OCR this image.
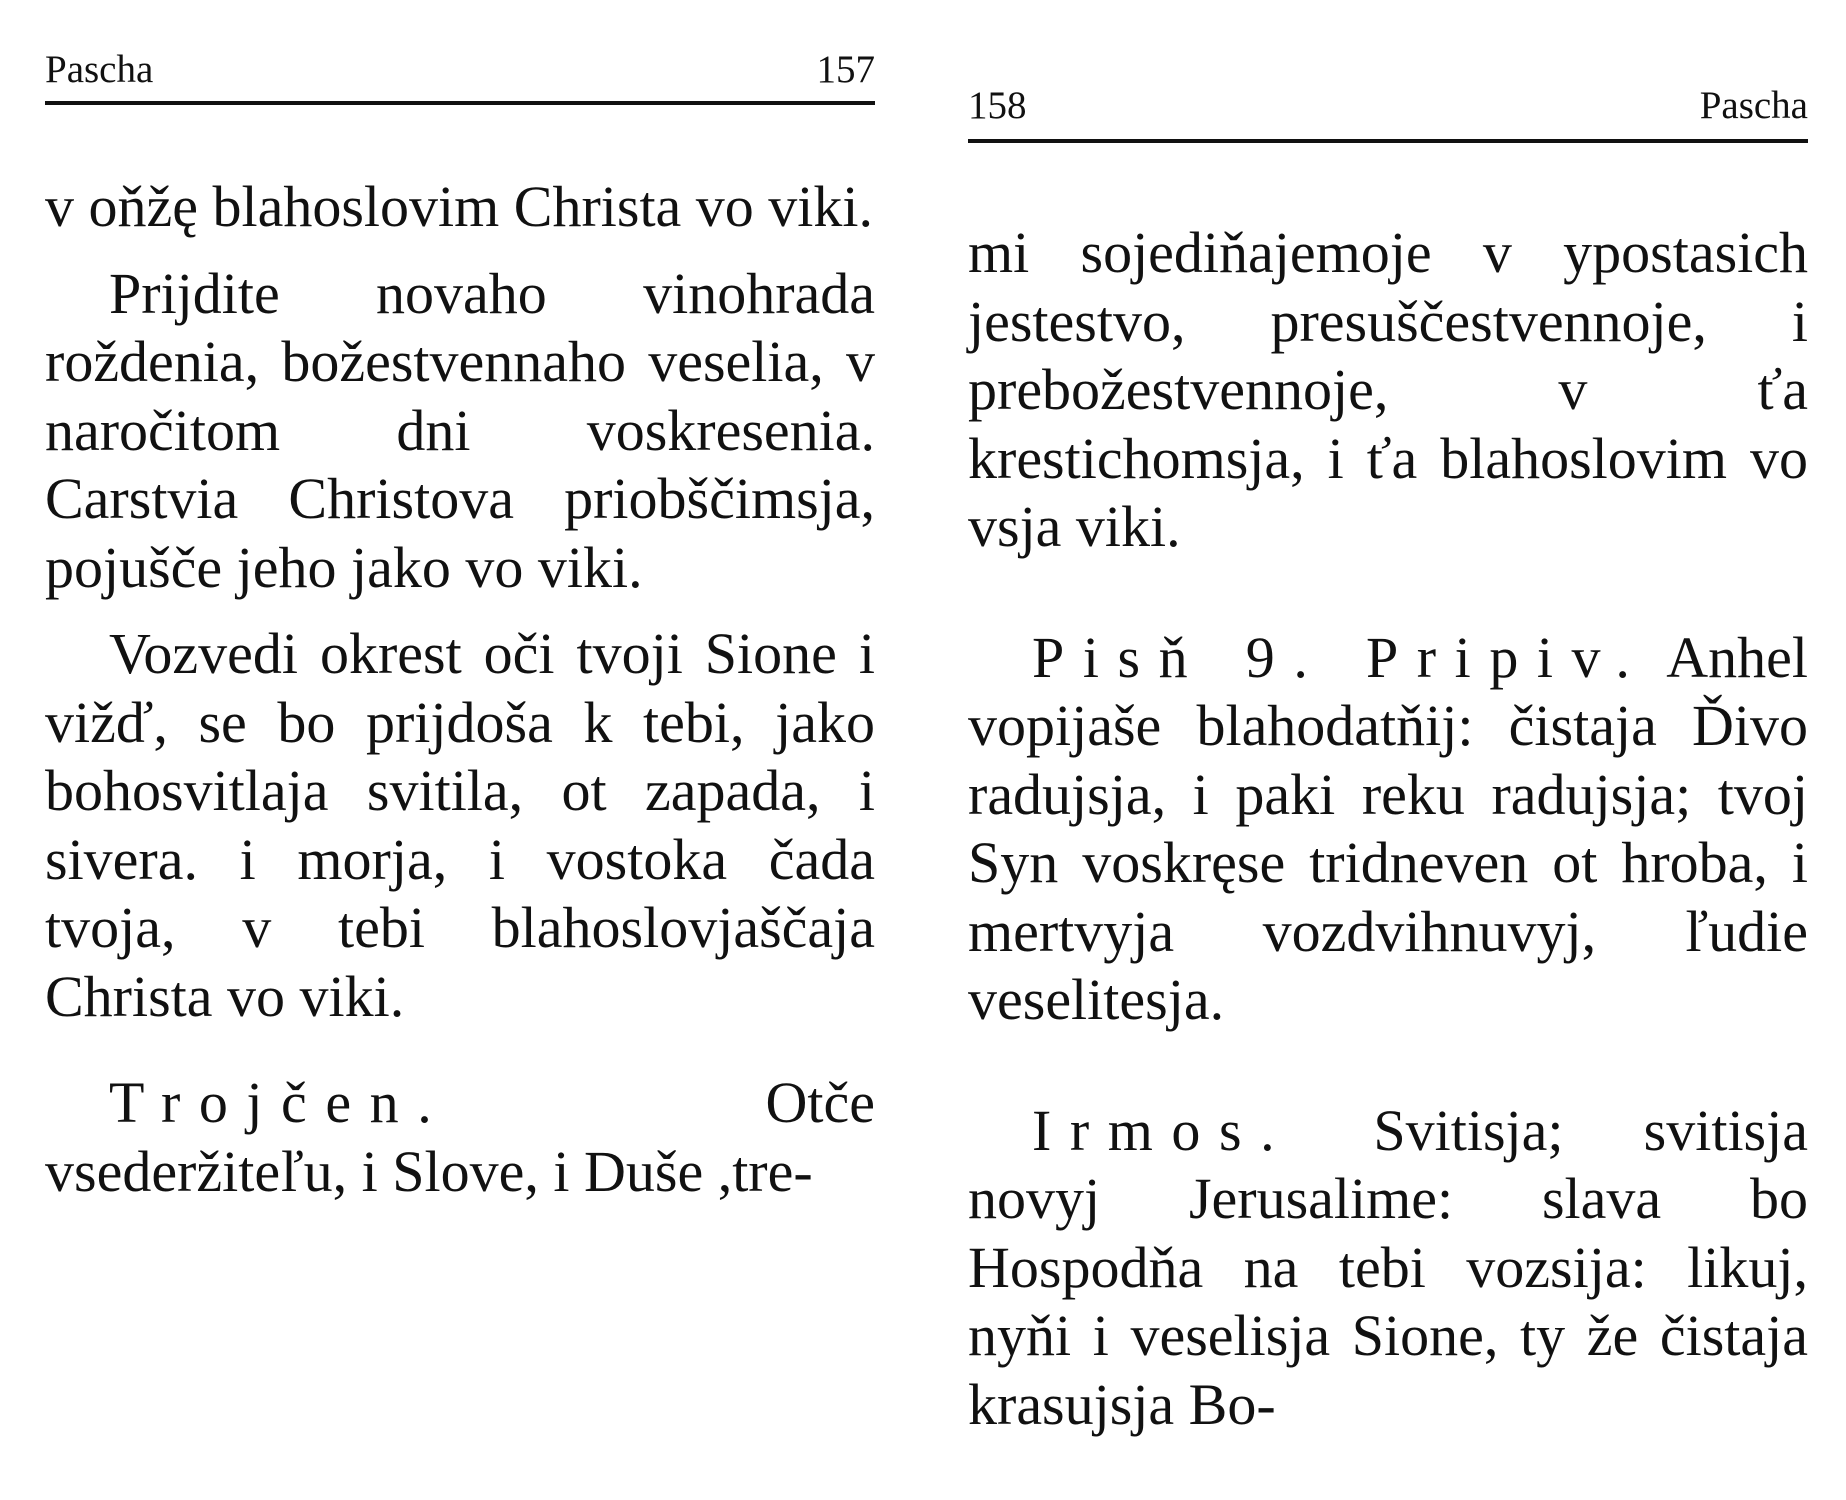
Pascha	157

v oňžę blahoslovim Christa vo viki.

Prijdite novaho vinohrada roždenia, božestvennaho veselia, v naročitom dni voskresenia. Carstvia Christova priobščimsja, pojušče jeho jako vo viki.

Vozvedi okrest oči tvoji Sione i vižď, se bo prijdoša k tebi, jako bohosvitlaja svitila, ot zapada, i sivera. i morja, i vostoka čada tvoja, v tebi blahoslovjaščaja Christa vo viki.

Trojčen.	Otče vsederžiteľu, i Slove, i Duše ,tre-

158	Pascha

mi sojediňajemoje v ypostasich jestestvo, presuščestvennoje, i prebožestvennoje, v ťa krestichomsja, i ťa blahoslovim vo vsja viki.

Pisň 9. Pripiv. Anhel vopijaše blahodatňij: čistaja Ďivo radujsja, i paki reku radujsja; tvoj Syn voskręse tridneven ot hroba, i mertvyja vozdvihnuvyj, ľudie veselitesja.

Irmos. Svitisja; svitisja novyj Jerusalime: slava bo Hospodňa na tebi vozsija: likuj, nyňi i veselisja Sione, ty že čistaja krasujsja Bo-
